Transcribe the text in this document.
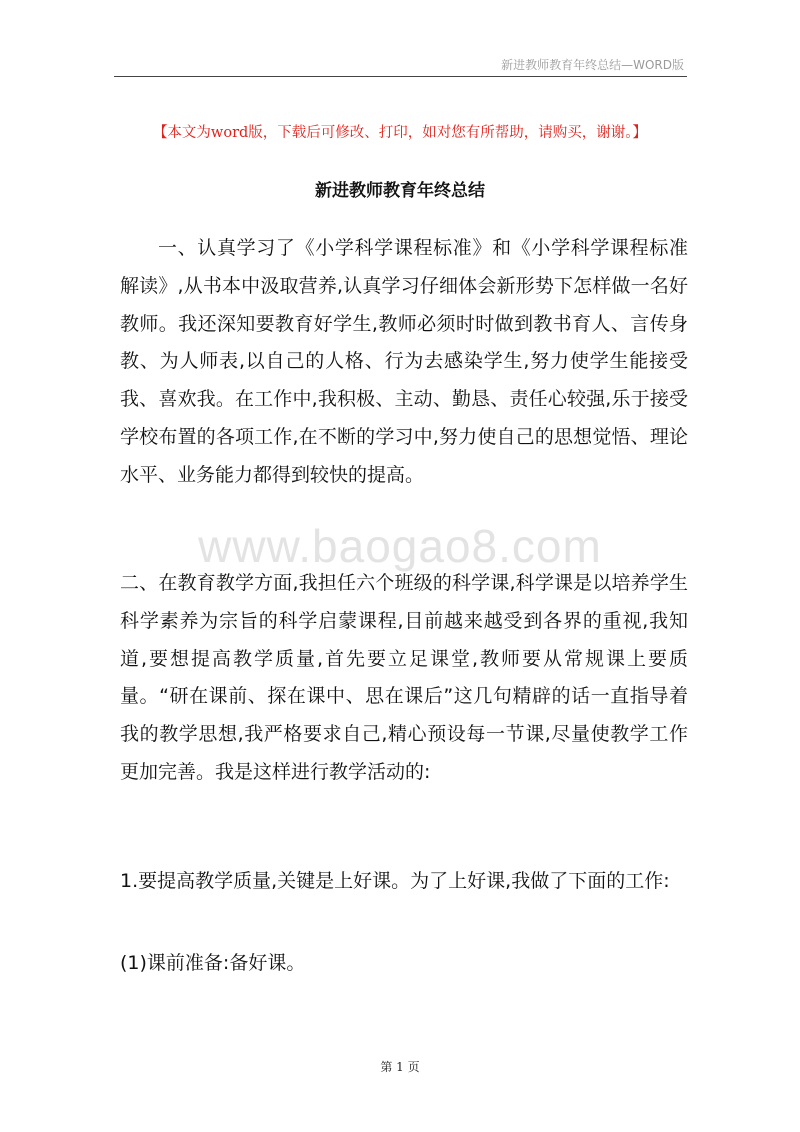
新进教师教育年终总结—WORD版
【本文为word版，下载后可修改、打印，如对您有所帮助，请购买，谢谢。】
新进教师教育年终总结

一、认真学习了《小学科学课程标准》和《小学科学课程标准解读》,从书本中汲取营养,认真学习仔细体会新形势下怎样做一名好教师。我还深知要教育好学生,教师必须时时做到教书育人、言传身教、为人师表,以自己的人格、行为去感染学生,努力使学生能接受我、喜欢我。在工作中,我积极、主动、勤恳、责任心较强,乐于接受学校布置的各项工作,在不断的学习中,努力使自己的思想觉悟、理论水平、业务能力都得到较快的提高。

www.baogao8.com

二、在教育教学方面,我担任六个班级的科学课,科学课是以培养学生科学素养为宗旨的科学启蒙课程,目前越来越受到各界的重视,我知道,要想提高教学质量,首先要立足课堂,教师要从常规课上要质量。“研在课前、探在课中、思在课后”这几句精辟的话一直指导着我的教学思想,我严格要求自己,精心预设每一节课,尽量使教学工作更加完善。我是这样进行教学活动的:

1.要提高教学质量,关键是上好课。为了上好课,我做了下面的工作:

(1)课前准备:备好课。

第 1 页
